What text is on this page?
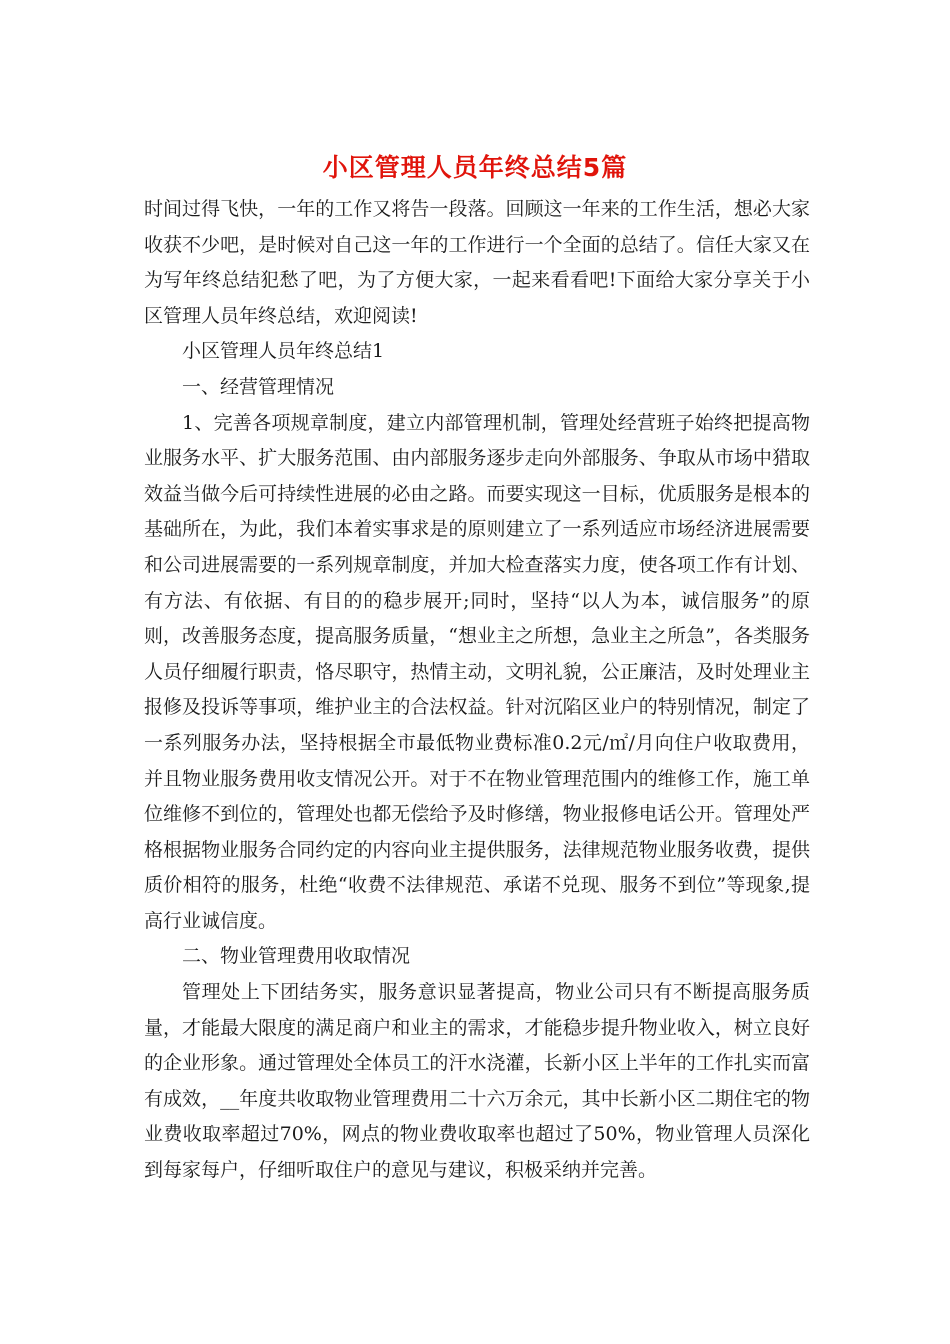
小区管理人员年终总结5篇

时间过得飞快，一年的工作又将告一段落。回顾这一年来的工作生活，想必大家收获不少吧，是时候对自己这一年的工作进行一个全面的总结了。信任大家又在为写年终总结犯愁了吧，为了方便大家，一起来看看吧!下面给大家分享关于小区管理人员年终总结，欢迎阅读!

小区管理人员年终总结1

一、经营管理情况

1、完善各项规章制度，建立内部管理机制，管理处经营班子始终把提高物业服务水平、扩大服务范围、由内部服务逐步走向外部服务、争取从市场中猎取效益当做今后可持续性进展的必由之路。而要实现这一目标，优质服务是根本的基础所在，为此，我们本着实事求是的原则建立了一系列适应市场经济进展需要和公司进展需要的一系列规章制度，并加大检查落实力度，使各项工作有计划、有方法、有依据、有目的的稳步展开;同时，坚持“以人为本，诚信服务”的原则，改善服务态度，提高服务质量，“想业主之所想，急业主之所急”，各类服务人员仔细履行职责，恪尽职守，热情主动，文明礼貌，公正廉洁，及时处理业主报修及投诉等事项，维护业主的合法权益。针对沉陷区业户的特别情况，制定了一系列服务办法，坚持根据全市最低物业费标准0.2元/㎡/月向住户收取费用，并且物业服务费用收支情况公开。对于不在物业管理范围内的维修工作，施工单位维修不到位的，管理处也都无偿给予及时修缮，物业报修电话公开。管理处严格根据物业服务合同约定的内容向业主提供服务，法律规范物业服务收费，提供质价相符的服务，杜绝“收费不法律规范、承诺不兑现、服务不到位”等现象,提高行业诚信度。

二、物业管理费用收取情况

管理处上下团结务实，服务意识显著提高，物业公司只有不断提高服务质量，才能最大限度的满足商户和业主的需求，才能稳步提升物业收入，树立良好的企业形象。通过管理处全体员工的汗水浇灌，长新小区上半年的工作扎实而富有成效，__年度共收取物业管理费用二十六万余元，其中长新小区二期住宅的物业费收取率超过70%，网点的物业费收取率也超过了50%，物业管理人员深化到每家每户，仔细听取住户的意见与建议，积极采纳并完善。
